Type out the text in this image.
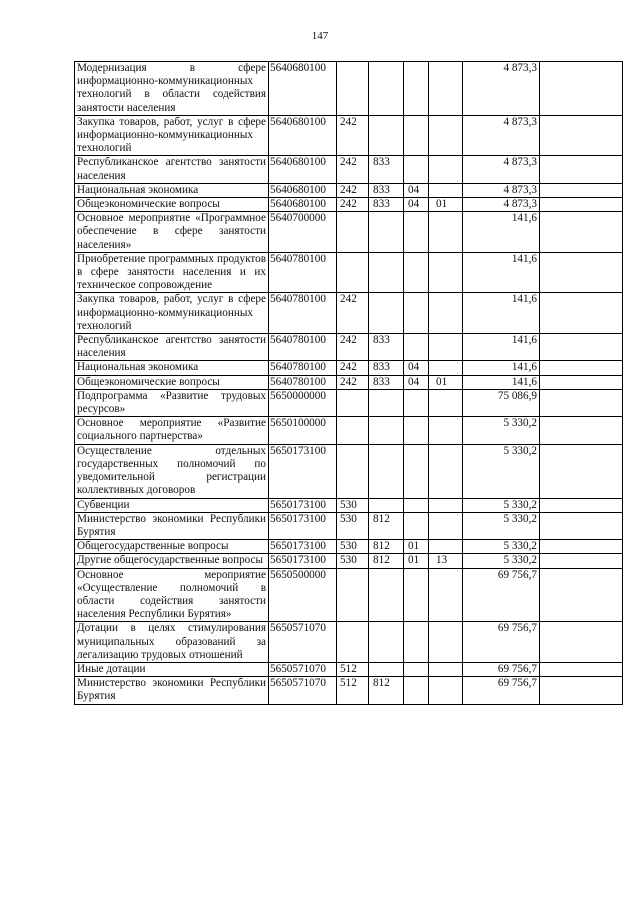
147
Модернизация в сфере информационно-коммуникационных технологий в области содействия занятости населения	5640680100					4 873,3	
Закупка товаров, работ, услуг в сфере информационно-коммуникационных технологий	5640680100	242				4 873,3	
Республиканское агентство занятости населения	5640680100	242	833			4 873,3	
Национальная экономика	5640680100	242	833	04		4 873,3	
Общеэкономические вопросы	5640680100	242	833	04	01	4 873,3	
Основное мероприятие «Программное обеспечение в сфере занятости населения»	5640700000					141,6	
Приобретение программных продуктов в сфере занятости населения и их техническое сопровождение	5640780100					141,6	
Закупка товаров, работ, услуг в сфере информационно-коммуникационных технологий	5640780100	242				141,6	
Республиканское агентство занятости населения	5640780100	242	833			141,6	
Национальная экономика	5640780100	242	833	04		141,6	
Общеэкономические вопросы	5640780100	242	833	04	01	141,6	
Подпрограмма «Развитие трудовых ресурсов»	5650000000					75 086,9	
Основное мероприятие «Развитие социального партнерства»	5650100000					5 330,2	
Осуществление отдельных государственных полномочий по уведомительной регистрации коллективных договоров	5650173100					5 330,2	
Субвенции	5650173100	530				5 330,2	
Министерство экономики Республики Бурятия	5650173100	530	812			5 330,2	
Общегосударственные вопросы	5650173100	530	812	01		5 330,2	
Другие общегосударственные вопросы	5650173100	530	812	01	13	5 330,2	
Основное мероприятие «Осуществление полномочий в области содействия занятости населения Республики Бурятия»	5650500000					69 756,7	
Дотации в целях стимулирования муниципальных образований за легализацию трудовых отношений	5650571070					69 756,7	
Иные дотации	5650571070	512				69 756,7	
Министерство экономики Республики Бурятия	5650571070	512	812			69 756,7	
